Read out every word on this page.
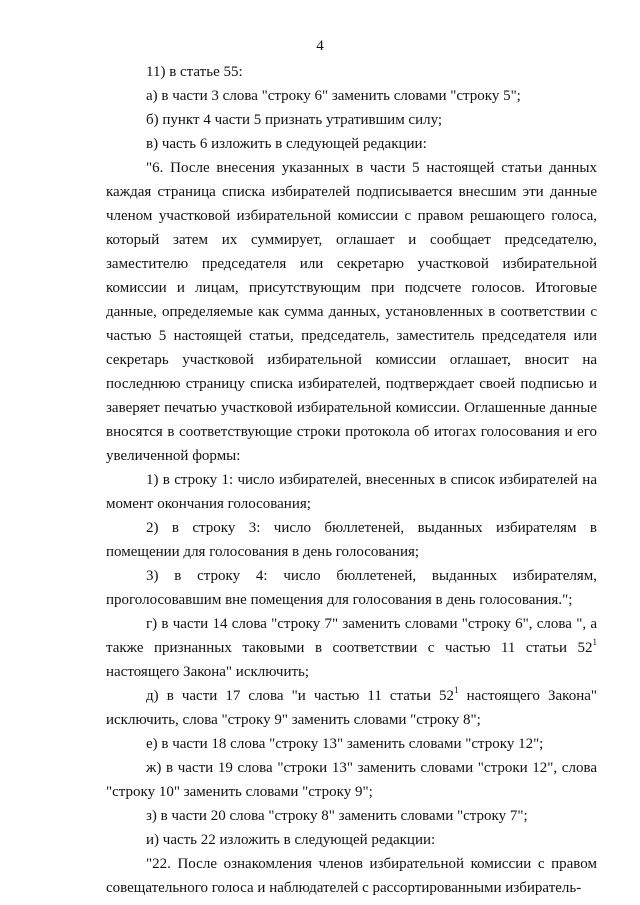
4

11) в статье 55:

а) в части 3 слова "строку 6" заменить словами "строку 5";

б) пункт 4 части 5 признать утратившим силу;

в) часть 6 изложить в следующей редакции:

"6. После внесения указанных в части 5 настоящей статьи данных каждая страница списка избирателей подписывается внесшим эти данные членом участковой избирательной комиссии с правом решающего голоса, который затем их суммирует, оглашает и сообщает председателю, заместителю председателя или секретарю участковой избирательной комиссии и лицам, присутствующим при подсчете голосов. Итоговые данные, определяемые как сумма данных, установленных в соответствии с частью 5 настоящей статьи, председатель, заместитель председателя или секретарь участковой избирательной комиссии оглашает, вносит на последнюю страницу списка избирателей, подтверждает своей подписью и заверяет печатью участковой избирательной комиссии. Оглашенные данные вносятся в соответствующие строки протокола об итогах голосования и его увеличенной формы:

1) в строку 1: число избирателей, внесенных в список избирателей на момент окончания голосования;

2) в строку 3: число бюллетеней, выданных избирателям в помещении для голосования в день голосования;

3) в строку 4: число бюллетеней, выданных избирателям, проголосовавшим вне помещения для голосования в день голосования.";

г) в части 14 слова "строку 7" заменить словами "строку 6", слова ", а также признанных таковыми в соответствии с частью 11 статьи $52^1$ настоящего Закона" исключить;

д) в части 17 слова "и частью 11 статьи $52^1$ настоящего Закона" исключить, слова "строку 9" заменить словами "строку 8";

е) в части 18 слова "строку 13" заменить словами "строку 12";

ж) в части 19 слова "строки 13" заменить словами "строки 12", слова "строку 10" заменить словами "строку 9";

з) в части 20 слова "строку 8" заменить словами "строку 7";

и) часть 22 изложить в следующей редакции:

"22. После ознакомления членов избирательной комиссии с правом совещательного голоса и наблюдателей с рассортированными избиратель-
